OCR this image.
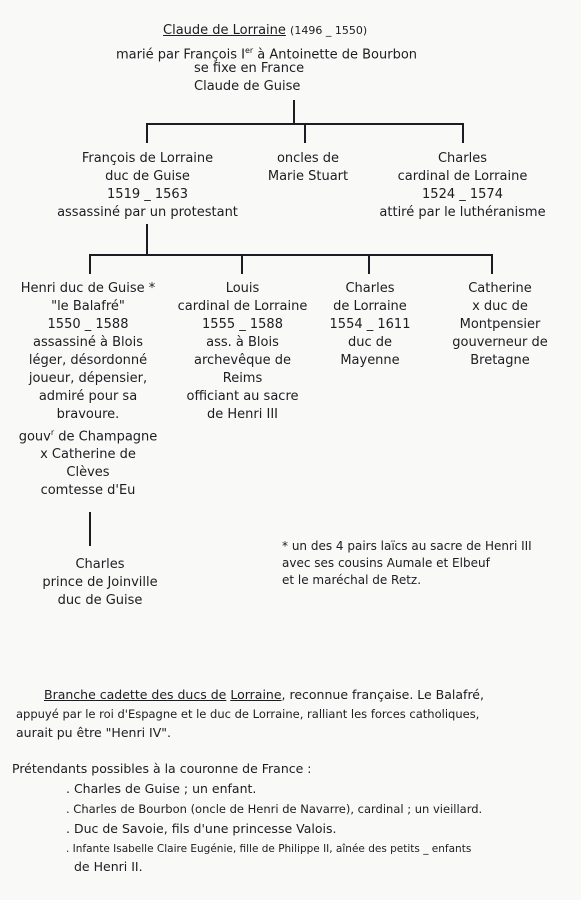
Claude de Lorraine (1496 _ 1550)
marié par François Ier à Antoinette de Bourbon
se fixe en France
Claude de Guise
François de Lorraine
duc de Guise
1519 _ 1563
assassiné par un protestant
oncles de
Marie Stuart
Charles
cardinal de Lorraine
1524 _ 1574
attiré par le luthéranisme
Henri duc de Guise *
"le Balafré"
1550 _ 1588
assassiné à Blois
léger, désordonné
joueur, dépensier,
admiré pour sa
bravoure.
gouv$^r$ de Champagne
x Catherine de
Clèves
comtesse d'Eu
Louis
cardinal de Lorraine
1555 _ 1588
ass. à Blois
archevêque de
Reims
officiant au sacre
de Henri III
Charles
de Lorraine
1554 _ 1611
duc de
Mayenne
Catherine
x duc de
Montpensier
gouverneur de
Bretagne
Charles
prince de Joinville
duc de Guise
* un des 4 pairs laïcs au sacre de Henri III
avec ses cousins Aumale et Elbeuf
et le maréchal de Retz.
Branche cadette des ducs de Lorraine, reconnue française. Le Balafré,
appuyé par le roi d'Espagne et le duc de Lorraine, ralliant les forces catholiques,
aurait pu être "Henri IV".
Prétendants possibles à la couronne de France :
. Charles de Guise ; un enfant.
. Charles de Bourbon (oncle de Henri de Navarre), cardinal ; un vieillard.
. Duc de Savoie, fils d'une princesse Valois.
. Infante Isabelle Claire Eugénie, fille de Philippe II, aînée des petits _ enfants
de Henri II.
